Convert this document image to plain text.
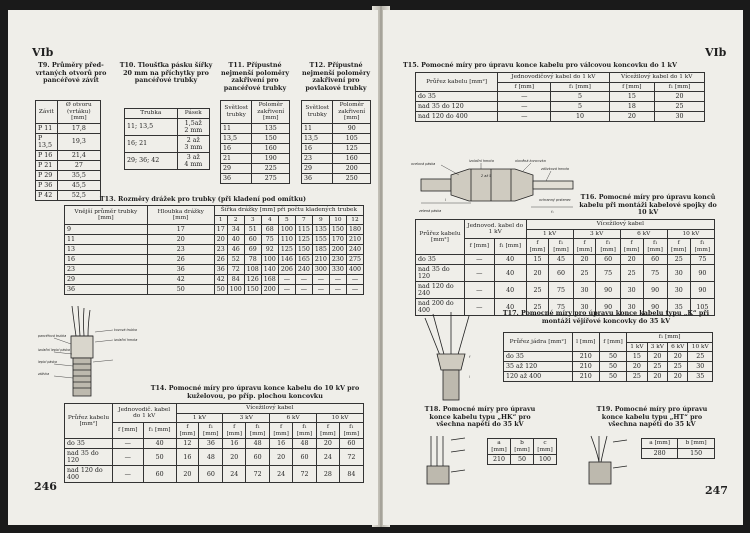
VIb
T9. Průměry před-vrtaných otvorů pro pancéřové závit
Závit	Ø otvoru (vrtáku) [mm]
P 11	17,8
P 13,5	19,3
P 16	21,4
P 21	27
P 29	35,5
P 36	45,5
P 42	52,5
T10. Tloušťka pásku šířky 20 mm na příchytky pro pancéřové trubky
Trubka	Pásek
11; 13,5	1,5až
2 mm
16; 21	2 až
3 mm
29; 36; 42	3 až
4 mm
T11. Přípustné nejmenší poloměry zakřivení pro pancéřové trubky
Světlost trubky	Poloměr zakřivení [mm]
11	135
13,5	150
16	160
21	190
29	225
36	275
T12. Přípustné nejmenší poloměry zakřivení pro povlakové trubky
Světlost trubky	Poloměr zakřivení [mm]
11	90
13,5	105
16	125
23	160
29	200
36	250
T13. Rozměry drážek pro trubky (při kladení pod omítku)
Vnější průměr trubky [mm]	Hloubka drážky [mm]	Šířka drážky [mm] při počtu kladených trubek								
		1	2	3	4	5	7	9	10	12
9	17	17	34	51	68	100	115	135	150	180
11	20	20	40	60	75	110	125	155	170	210
13	23	23	46	69	92	125	150	185	200	240
16	26	26	52	78	100	146	165	210	230	275
23	36	36	72	108	140	206	240	300	330	400
29	42	42	84	126	168	—	—	—	—	—
36	50	50	100	150	200	—	—	—	—	—
pancéřová trubka
izolační lepicí páska
lepicí páska
zálivka
kovová trubka
izolační hmota
T14. Pomocné míry pro úpravu konce kabelu do 10 kV pro kuželovou, po příp. plochou koncovku
Průřez kabelu [mm²]	Jednovodič. kabel do 1 kV		Vícežilový kabel							
			1 kV		3 kV		6 kV		10 kV	
	f [mm]	f₁ [mm]	f [mm]	f₁ [mm]	f [mm]	f₁ [mm]	f [mm]	f₁ [mm]	f [mm]	f₁ [mm]
do 35	—	40	12	36	16	48	16	48	20	60
nad 35 do 120	—	50	16	48	20	60	20	60	24	72
nad 120 do 400	—	60	20	60	24	72	24	72	28	84
246
VIb
T15. Pomocné míry pro úpravu konce kabelu pro válcovou koncovku do 1 kV
Průřez kabelu [mm²]	Jednovodičový kabel do 1 kV		Vícežilový kabel do 1 kV	
	f [mm]	f₁ [mm]	f [mm]	f₁ [mm]
do 35	—	5	15	20
nad 35 do 120	—	5	18	25
nad 120 do 400	—	10	20	30
ocelová páska
izolační hmota
2 až 5
olověná koncovka
zálivková hmota
ochranný prstenec
zelená páska
l
f₁
T16. Pomocné míry pro úpravu konců kabelu při montáži kabelové spojky do 10 kV
Průřez kabelu [mm²]	Jednovod. kabel do 1 kV		Vícežilový kabel							
			1 kV		3 kV		6 kV		10 kV	
	f [mm]	f₁ [mm]	f [mm]	f₁ [mm]	f [mm]	f₁ [mm]	f [mm]	f₁ [mm]	f [mm]	f₁ [mm]
do 35	—	40	15	45	20	60	20	60	25	75
nad 35 do 120	—	40	20	60	25	75	25	75	30	90
nad 120 do 240	—	40	25	75	30	90	30	90	30	90
nad 200 do 400	—	40	25	75	30	90	30	90	35	105
f
l
T17. Pomocné míry pro úpravu konce kabelu typu „K“ při montáži vějířové koncovky do 35 kV
Průřez jádra [mm²]	l [mm]	f [mm]	f₁ [mm]			
			1 kV	3 kV	6 kV	10 kV
do 35	210	50	15	20	20	25
35 až 120	210	50	20	25	25	30
120 až 400	210	50	25	20	20	35
T18. Pomocné míry pro úpravu konce kabelu typu „HK“ pro všechna napětí do 35 kV
a [mm]	b [mm]	c [mm]
210	50	100
T19. Pomocné míry pro úpravu konce kabelu typu „HT“ pro všechna napětí do 35 kV
a [mm]	b [mm]
280	150
247
